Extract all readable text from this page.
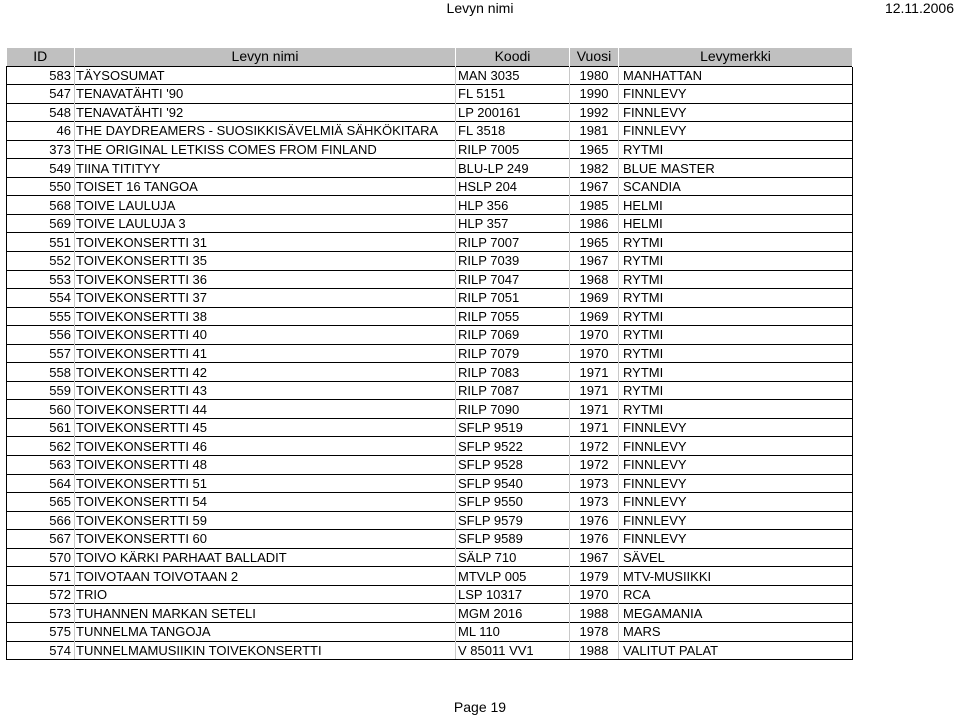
Levyn nimi	12.11.2006
ID	Levyn nimi	Koodi	Vuosi	Levymerkki
583	TÄYSOSUMAT	MAN 3035	1980	MANHATTAN
547	TENAVATÄHTI '90	FL 5151	1990	FINNLEVY
548	TENAVATÄHTI '92	LP 200161	1992	FINNLEVY
46	THE DAYDREAMERS - SUOSIKKISÄVELMIÄ SÄHKÖKITARA	FL 3518	1981	FINNLEVY
373	THE ORIGINAL LETKISS COMES FROM FINLAND	RILP 7005	1965	RYTMI
549	TIINA TITITYY	BLU-LP 249	1982	BLUE MASTER
550	TOISET 16 TANGOA	HSLP 204	1967	SCANDIA
568	TOIVE LAULUJA	HLP 356	1985	HELMI
569	TOIVE LAULUJA 3	HLP 357	1986	HELMI
551	TOIVEKONSERTTI 31	RILP 7007	1965	RYTMI
552	TOIVEKONSERTTI 35	RILP 7039	1967	RYTMI
553	TOIVEKONSERTTI 36	RILP 7047	1968	RYTMI
554	TOIVEKONSERTTI 37	RILP 7051	1969	RYTMI
555	TOIVEKONSERTTI 38	RILP 7055	1969	RYTMI
556	TOIVEKONSERTTI 40	RILP 7069	1970	RYTMI
557	TOIVEKONSERTTI 41	RILP 7079	1970	RYTMI
558	TOIVEKONSERTTI 42	RILP 7083	1971	RYTMI
559	TOIVEKONSERTTI 43	RILP 7087	1971	RYTMI
560	TOIVEKONSERTTI 44	RILP 7090	1971	RYTMI
561	TOIVEKONSERTTI 45	SFLP 9519	1971	FINNLEVY
562	TOIVEKONSERTTI 46	SFLP 9522	1972	FINNLEVY
563	TOIVEKONSERTTI 48	SFLP 9528	1972	FINNLEVY
564	TOIVEKONSERTTI 51	SFLP 9540	1973	FINNLEVY
565	TOIVEKONSERTTI 54	SFLP 9550	1973	FINNLEVY
566	TOIVEKONSERTTI 59	SFLP 9579	1976	FINNLEVY
567	TOIVEKONSERTTI 60	SFLP 9589	1976	FINNLEVY
570	TOIVO KÄRKI PARHAAT BALLADIT	SÄLP 710	1967	SÄVEL
571	TOIVOTAAN TOIVOTAAN 2	MTVLP 005	1979	MTV-MUSIIKKI
572	TRIO	LSP 10317	1970	RCA
573	TUHANNEN MARKAN SETELI	MGM 2016	1988	MEGAMANIA
575	TUNNELMA TANGOJA	ML 110	1978	MARS
574	TUNNELMAMUSIIKIN TOIVEKONSERTTI	V 85011 VV1	1988	VALITUT PALAT
Page 19
